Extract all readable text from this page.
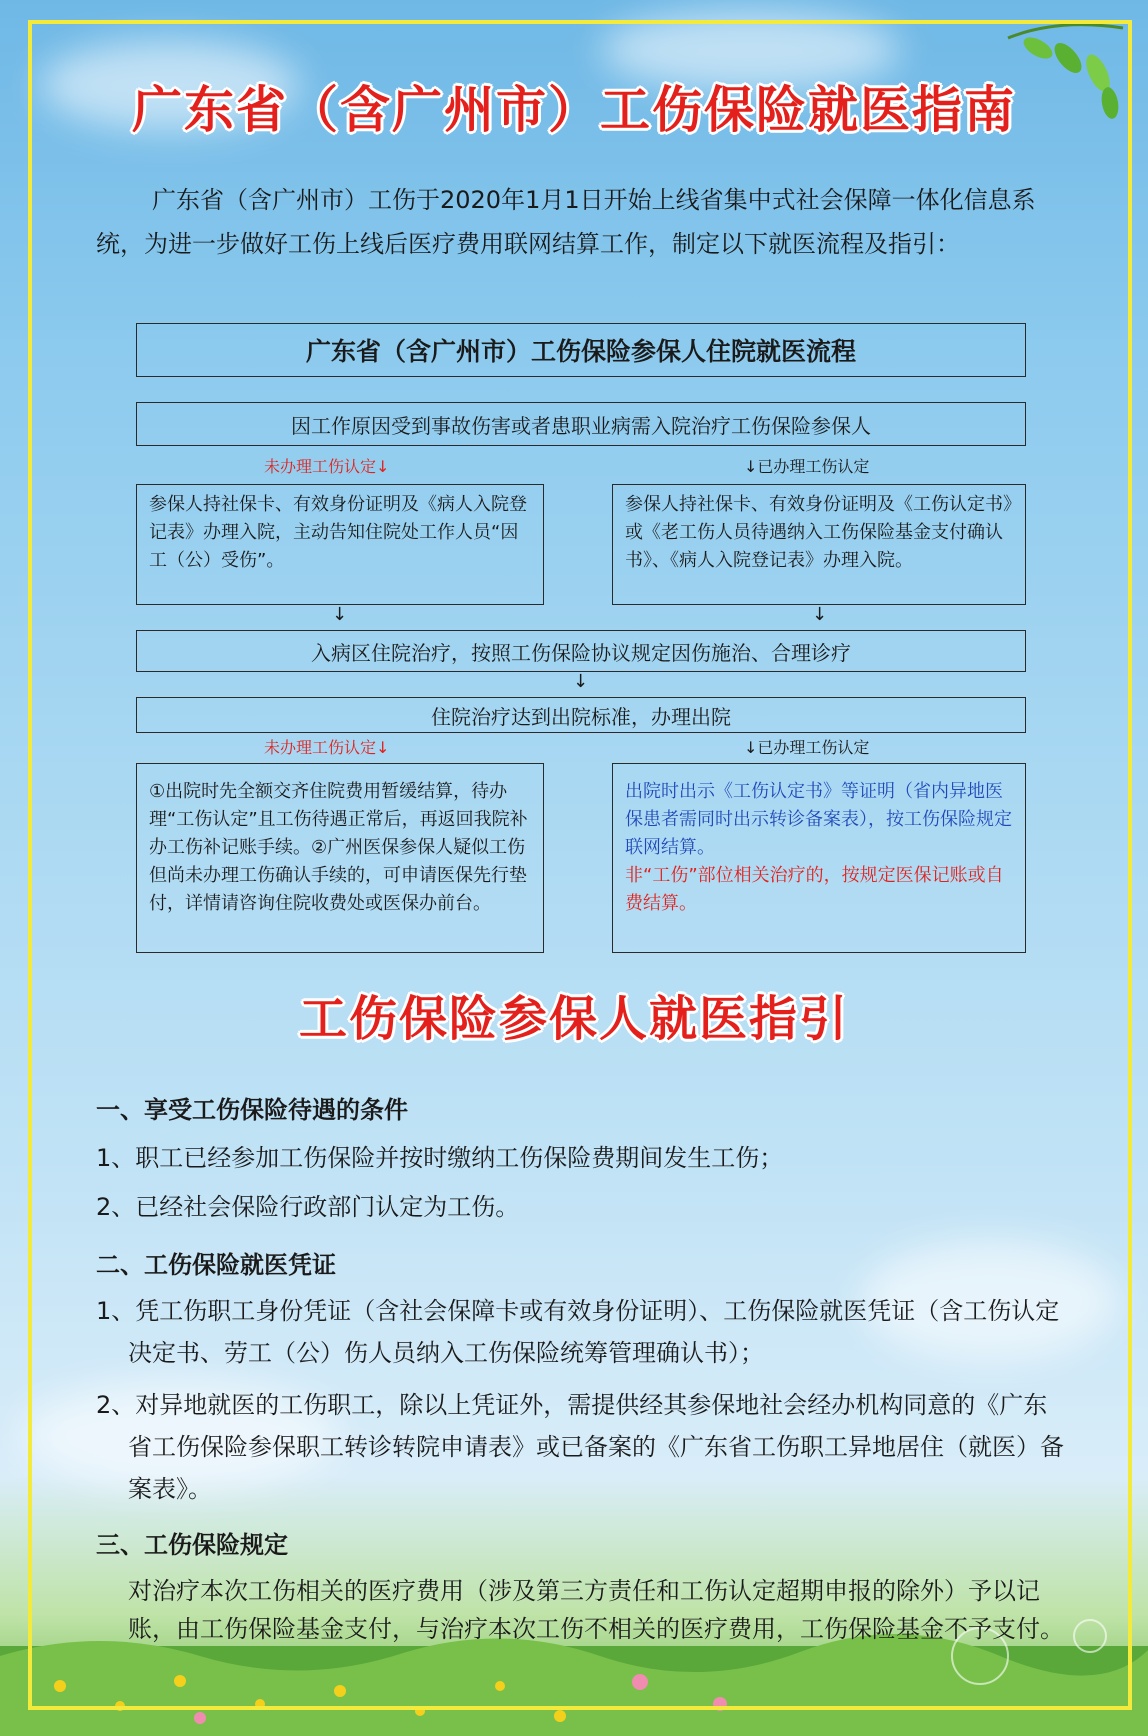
广东省（含广州市）工伤保险就医指南
广东省（含广州市）工伤于2020年1月1日开始上线省集中式社会保障一体化信息系统，为进一步做好工伤上线后医疗费用联网结算工作，制定以下就医流程及指引：
广东省（含广州市）工伤保险参保人住院就医流程
因工作原因受到事故伤害或者患职业病需入院治疗工伤保险参保人
未办理工伤认定↓	↓已办理工伤认定
参保人持社保卡、有效身份证明及《病人入院登记表》办理入院，主动告知住院处工作人员“因工（公）受伤”。
参保人持社保卡、有效身份证明及《工伤认定书》或《老工伤人员待遇纳入工伤保险基金支付确认书》、《病人入院登记表》办理入院。
↓	↓
入病区住院治疗，按照工伤保险协议规定因伤施治、合理诊疗
↓
住院治疗达到出院标准，办理出院
未办理工伤认定↓	↓已办理工伤认定
①出院时先全额交齐住院费用暂缓结算，待办理“工伤认定”且工伤待遇正常后，再返回我院补办工伤补记账手续。②广州医保参保人疑似工伤但尚未办理工伤确认手续的，可申请医保先行垫付，详情请咨询住院收费处或医保办前台。
出院时出示《工伤认定书》等证明（省内异地医保患者需同时出示转诊备案表），按工伤保险规定联网结算。
非“工伤”部位相关治疗的，按规定医保记账或自费结算。
工伤保险参保人就医指引
一、享受工伤保险待遇的条件
1、职工已经参加工伤保险并按时缴纳工伤保险费期间发生工伤；
2、已经社会保险行政部门认定为工伤。
二、工伤保险就医凭证
1、凭工伤职工身份凭证（含社会保障卡或有效身份证明）、工伤保险就医凭证（含工伤认定决定书、劳工（公）伤人员纳入工伤保险统筹管理确认书）；
2、对异地就医的工伤职工，除以上凭证外，需提供经其参保地社会经办机构同意的《广东省工伤保险参保职工转诊转院申请表》或已备案的《广东省工伤职工异地居住（就医）备案表》。
三、工伤保险规定
对治疗本次工伤相关的医疗费用（涉及第三方责任和工伤认定超期申报的除外）予以记账，由工伤保险基金支付，与治疗本次工伤不相关的医疗费用，工伤保险基金不予支付。
